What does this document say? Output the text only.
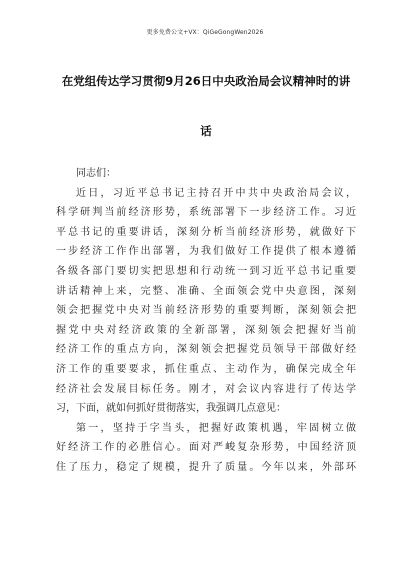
更多免费公文+VX：QiGeGongWen2026
在党组传达学习贯彻9月26日中央政治局会议精神时的讲
话

同志们：

近日，习近平总书记主持召开中共中央政治局会议，

科学研判当前经济形势，系统部署下一步经济工作。习近

平总书记的重要讲话，深刻分析当前经济形势，就做好下

一步经济工作作出部署，为我们做好工作提供了根本遵循

各级各部门要切实把思想和行动统一到习近平总书记重要

讲话精神上来，完整、准确、全面领会党中央意图，深刻

领会把握党中央对当前经济形势的重要判断，深刻领会把

握党中央对经济政策的全新部署，深刻领会把握好当前

经济工作的重点方向，深刻领会把握党员领导干部做好经

济工作的重要要求，抓住重点、主动作为，确保完成全年

经济社会发展目标任务。刚才，对会议内容进行了传达学

习，下面，就如何抓好贯彻落实，我强调几点意见：

第一，坚持于字当头，把握好政策机遇，牢固树立做

好经济工作的必胜信心。面对严峻复杂形势，中国经济顶

住了压力，稳定了规模，提升了质量。今年以来，外部环
